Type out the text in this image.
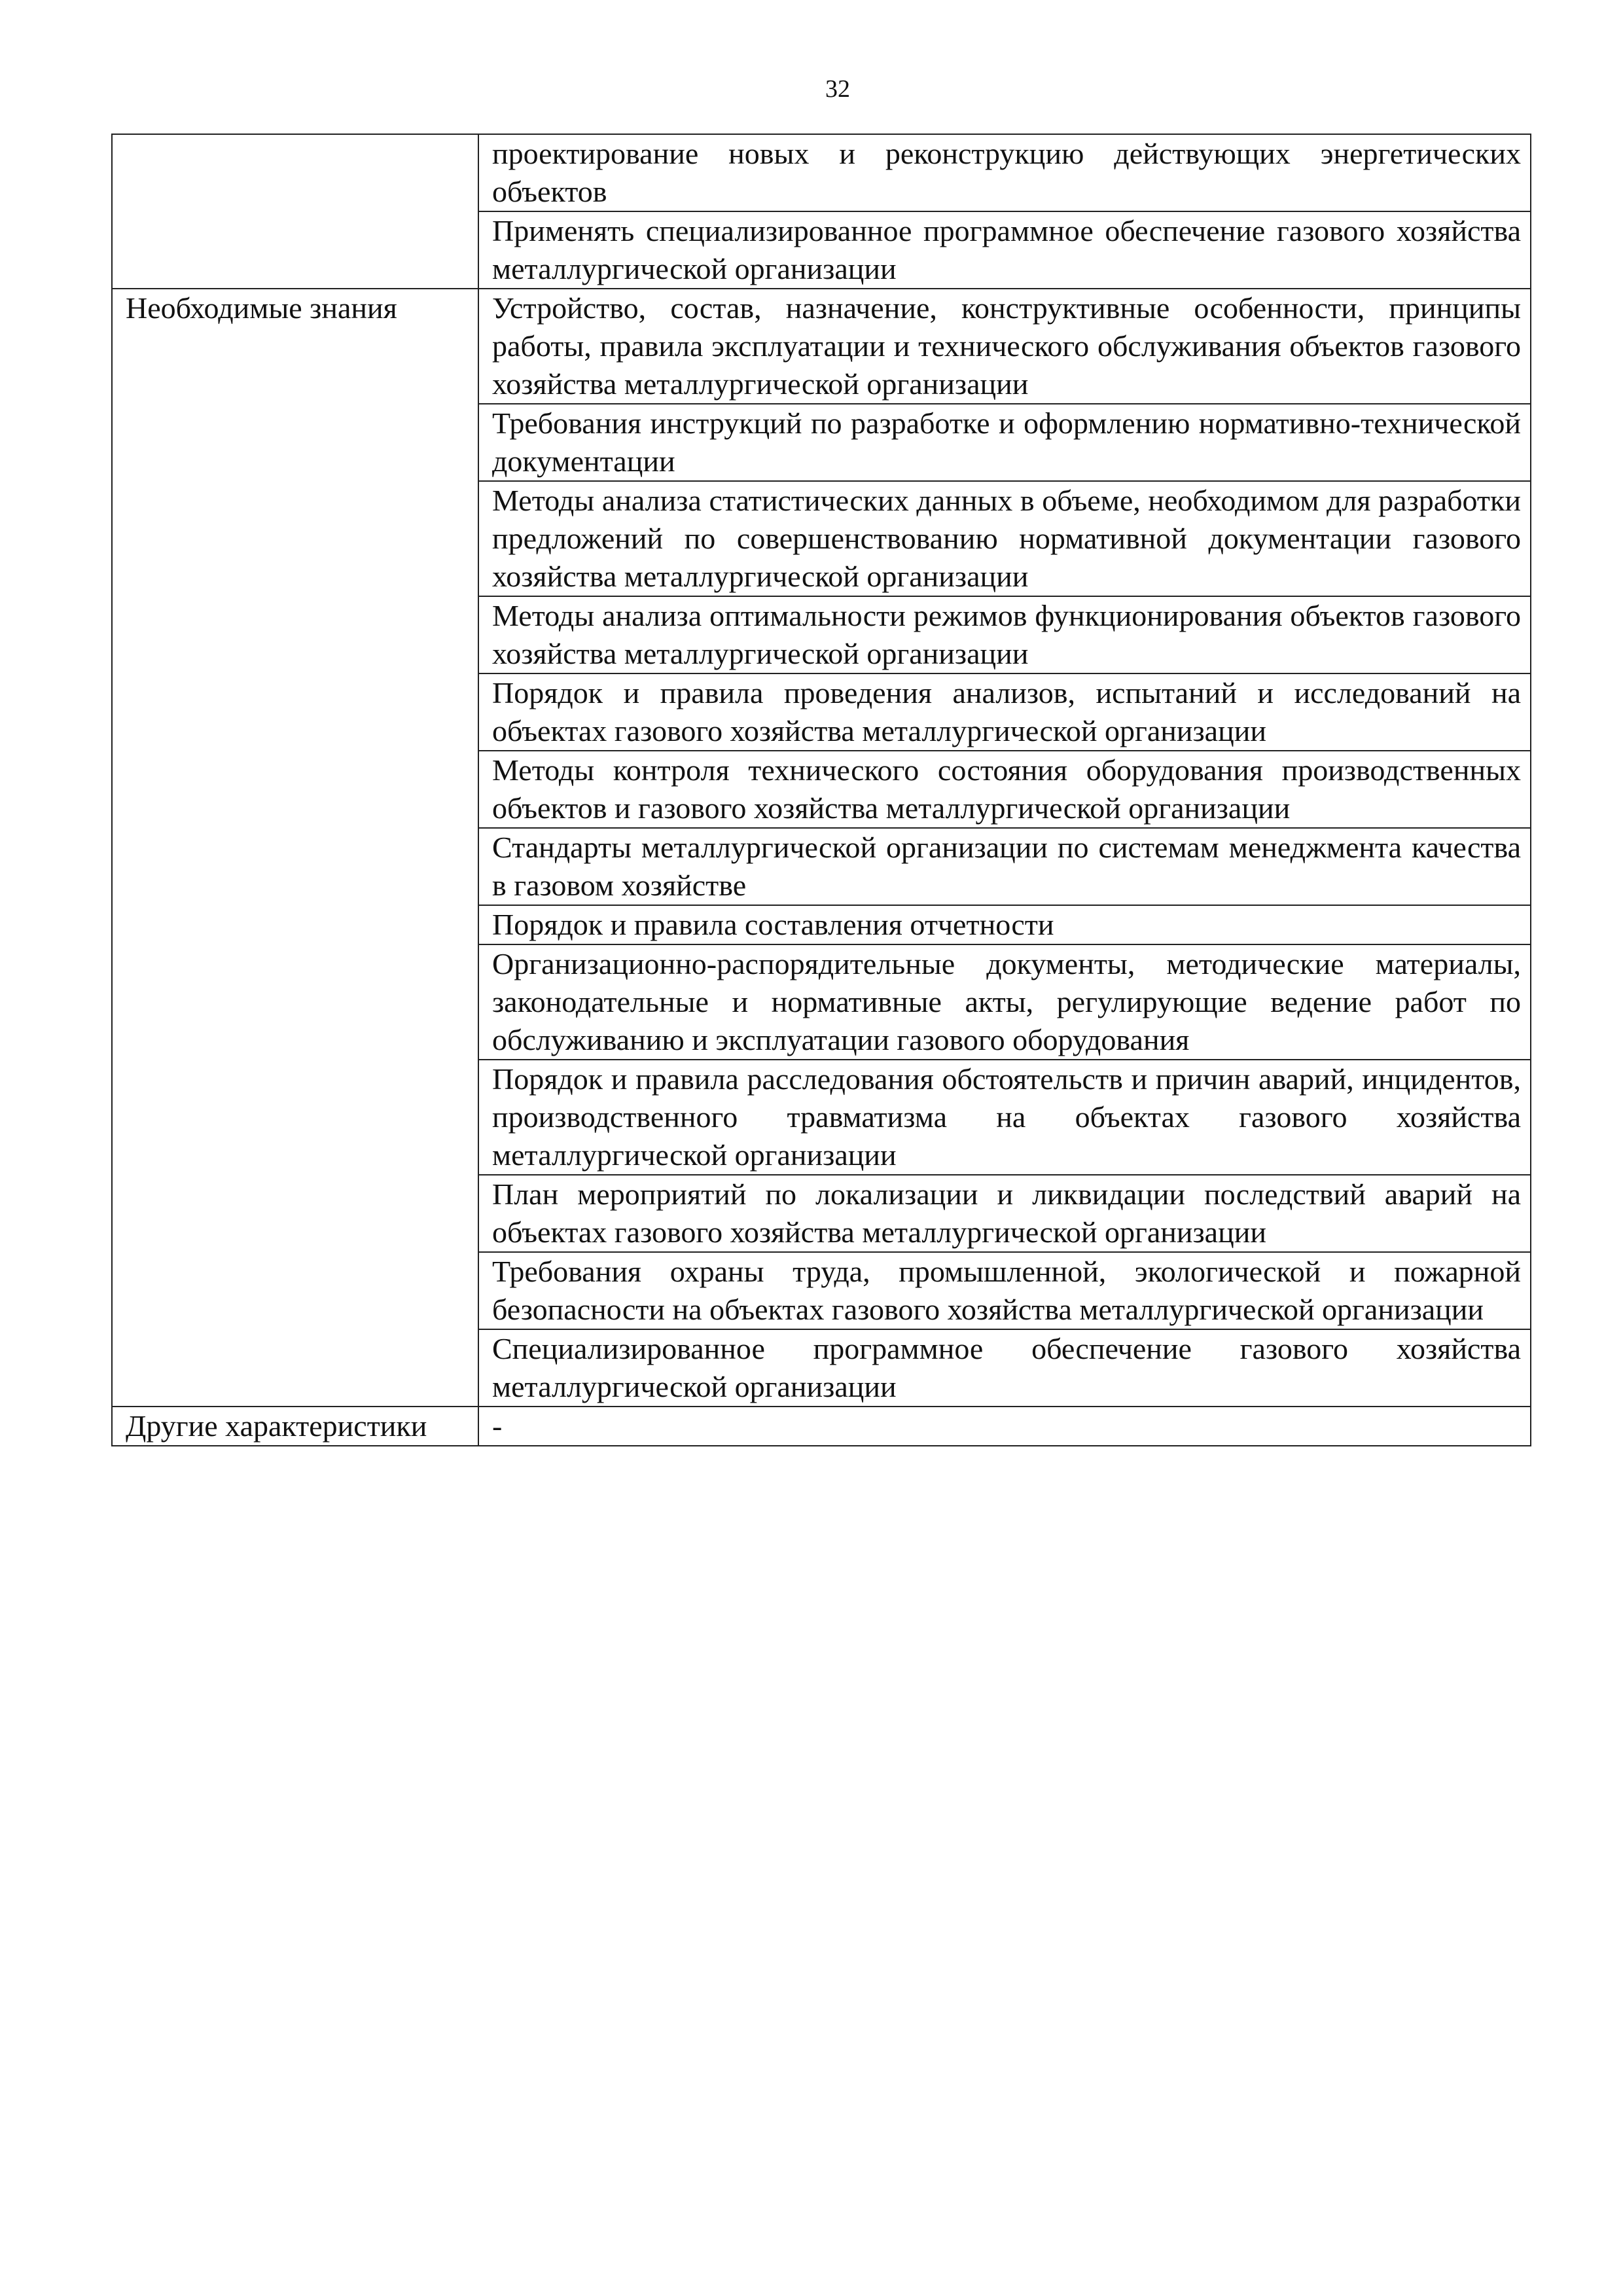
32
	проектирование новых и реконструкцию действующих энергетических объектов
	Применять специализированное программное обеспечение газового хозяйства металлургической организации
Необходимые знания	Устройство, состав, назначение, конструктивные особенности, принципы работы, правила эксплуатации и технического обслуживания объектов газового хозяйства металлургической организации
	Требования инструкций по разработке и оформлению нормативно-технической документации
	Методы анализа статистических данных в объеме, необходимом для разработки предложений по совершенствованию нормативной документации газового хозяйства металлургической организации
	Методы анализа оптимальности режимов функционирования объектов газового хозяйства металлургической организации
	Порядок и правила проведения анализов, испытаний и исследований на объектах газового хозяйства металлургической организации
	Методы контроля технического состояния оборудования производственных объектов и газового хозяйства металлургической организации
	Стандарты металлургической организации по системам менеджмента качества в газовом хозяйстве
	Порядок и правила составления отчетности
	Организационно-распорядительные документы, методические материалы, законодательные и нормативные акты, регулирующие ведение работ по обслуживанию и эксплуатации газового оборудования
	Порядок и правила расследования обстоятельств и причин аварий, инцидентов, производственного травматизма на объектах газового хозяйства металлургической организации
	План мероприятий по локализации и ликвидации последствий аварий на объектах газового хозяйства металлургической организации
	Требования охраны труда, промышленной, экологической и пожарной безопасности на объектах газового хозяйства металлургической организации
	Специализированное программное обеспечение газового хозяйства металлургической организации
Другие характеристики	-
